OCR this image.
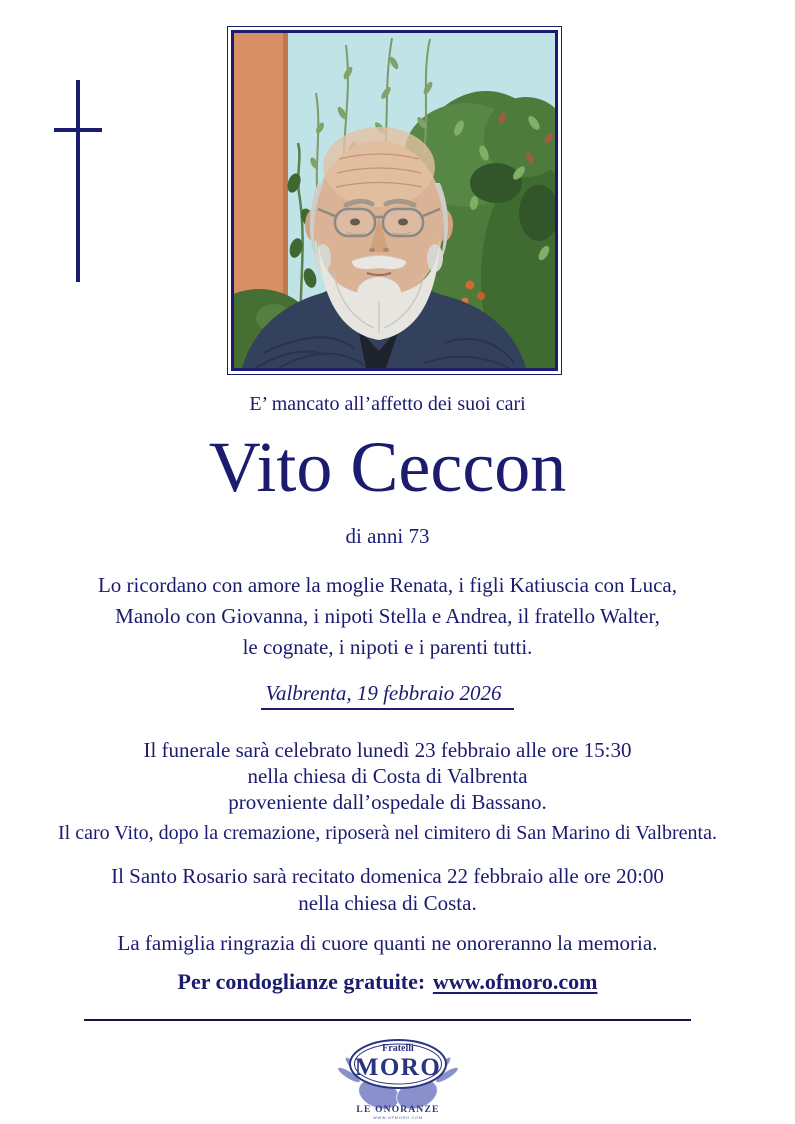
E’ mancato all’affetto dei suoi cari
Vito Ceccon
di anni 73
Lo ricordano con amore la moglie Renata, i figli Katiuscia con Luca,
Manolo con Giovanna, i nipoti Stella e Andrea, il fratello Walter,
le cognate, i nipoti e i parenti tutti.
Valbrenta, 19 febbraio 2026
Il funerale sarà celebrato lunedì 23 febbraio alle ore 15:30
nella chiesa di Costa di Valbrenta
proveniente dall’ospedale di Bassano.
Il caro Vito, dopo la cremazione, riposerà nel cimitero di San Marino di Valbrenta.
Il Santo Rosario sarà recitato domenica 22 febbraio alle ore 20:00
nella chiesa di Costa.
La famiglia ringrazia di cuore quanti ne onoreranno la memoria.
Per condoglianze gratuite: www.ofmoro.com
Fratelli
MORO
LE ONORANZE
WWW.OFMORO.COM
